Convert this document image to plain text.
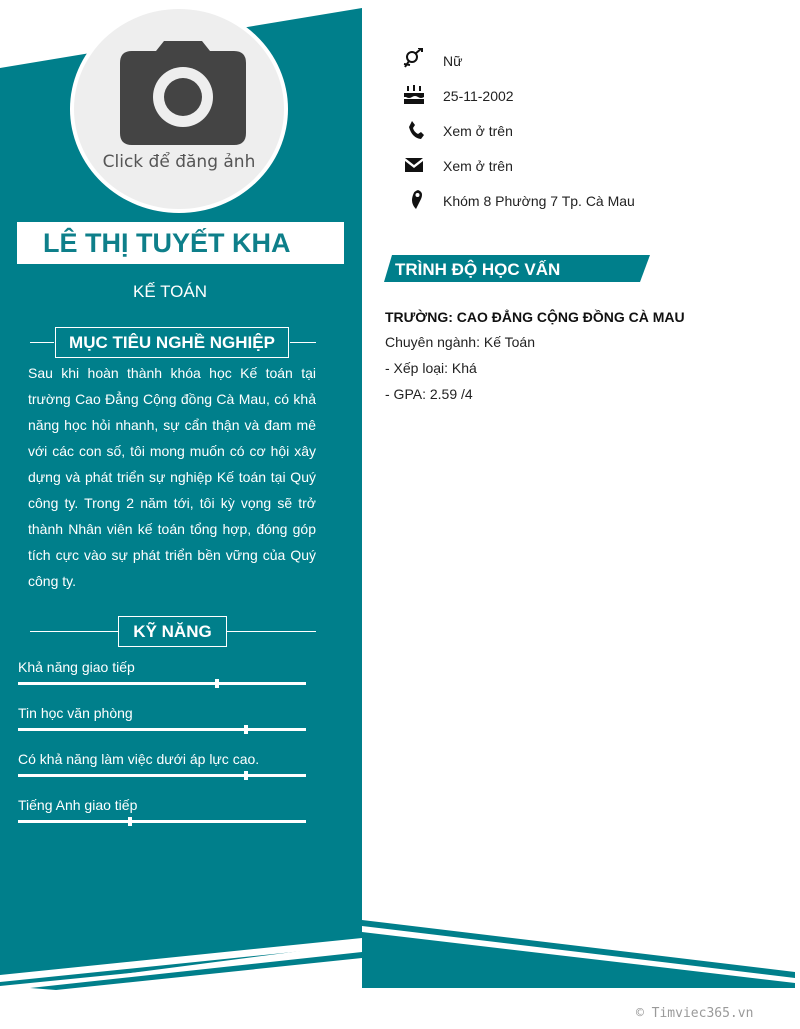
Click để đăng ảnh
LÊ THỊ TUYẾT KHA
KẾ TOÁN
MỤC TIÊU NGHỀ NGHIỆP
Sau khi hoàn thành khóa học Kế toán tại trường Cao Đẳng Cộng đồng Cà Mau, có khả năng học hỏi nhanh, sự cẩn thận và đam mê với các con số, tôi mong muốn có cơ hội xây dựng và phát triển sự nghiệp Kế toán tại Quý công ty. Trong 2 năm tới, tôi kỳ vọng sẽ trở thành Nhân viên kế toán tổng hợp, đóng góp tích cực vào sự phát triển bền vững của Quý công ty.
KỸ NĂNG
Khả năng giao tiếp
Tin học văn phòng
Có khả năng làm việc dưới áp lực cao.
Tiếng Anh giao tiếp
Nữ
25-11-2002
Xem ở trên
Xem ở trên
Khóm 8 Phường 7 Tp. Cà Mau
TRÌNH ĐỘ HỌC VẤN
TRƯỜNG: CAO ĐẲNG CỘNG ĐỒNG CÀ MAU
Chuyên ngành: Kế Toán
- Xếp loại: Khá
- GPA: 2.59 /4
© Timviec365.vn
